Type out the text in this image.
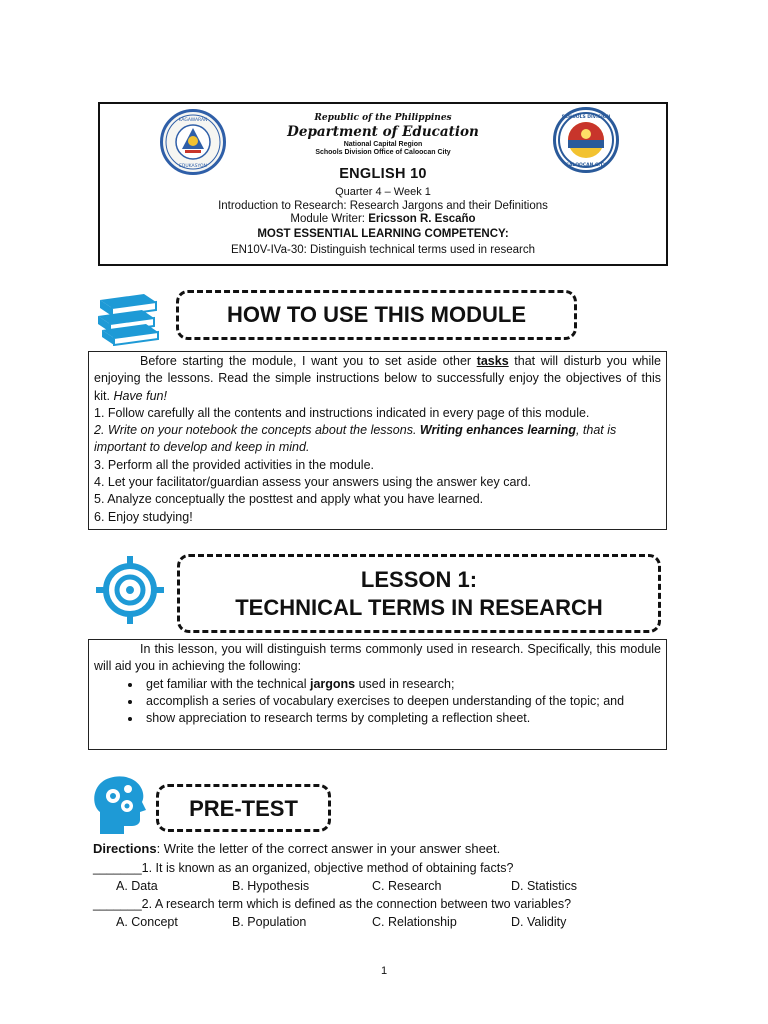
KAGAWARAN
EDUKASYON
SCHOOLS DIVISION
CALOOCAN CITY
Republic of the Philippines
Department of Education
National Capital Region
Schools Division Office of Caloocan City
ENGLISH 10
Quarter 4 – Week 1
Introduction to Research: Research Jargons and their Definitions
Module Writer: Ericsson R. Escaño
MOST ESSENTIAL LEARNING COMPETENCY:
EN10V-IVa-30: Distinguish technical terms used in research
HOW TO USE THIS MODULE
Before starting the module, I want you to set aside other tasks that will disturb you while enjoying the lessons. Read the simple instructions below to successfully enjoy the objectives of this kit. Have fun!
1. Follow carefully all the contents and instructions indicated in every page of this module.
2. Write on your notebook the concepts about the lessons. Writing enhances learning, that is important to develop and keep in mind.
3. Perform all the provided activities in the module.
4. Let your facilitator/guardian assess your answers using the answer key card.
5. Analyze conceptually the posttest and apply what you have learned.
6. Enjoy studying!
LESSON 1:
TECHNICAL TERMS IN RESEARCH
In this lesson, you will distinguish terms commonly used in research. Specifically, this module will aid you in achieving the following:
• get familiar with the technical jargons used in research;
• accomplish a series of vocabulary exercises to deepen understanding of the topic; and
• show appreciation to research terms by completing a reflection sheet.
PRE-TEST
Directions: Write the letter of the correct answer in your answer sheet.
_______1. It is known as an organized, objective method of obtaining facts?
A. Data	B. Hypothesis	C. Research	D. Statistics
_______2. A research term which is defined as the connection between two variables?
A. Concept	B. Population	C. Relationship	D. Validity
1
